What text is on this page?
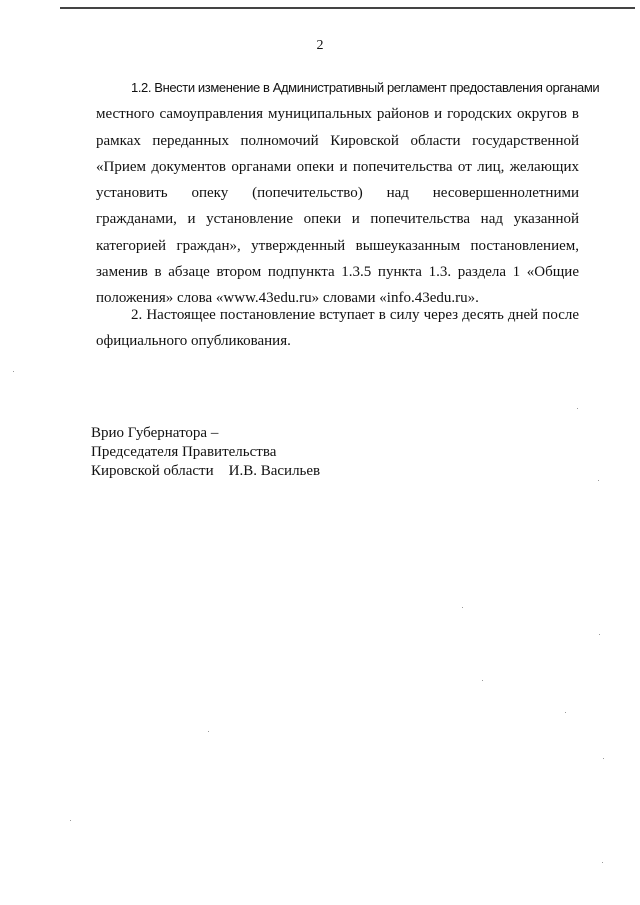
2
1.2. Внести изменение в Административный регламент предоставления органами
местного самоуправления муниципальных районов и городских округов в
рамках переданных полномочий Кировской области государственной
«Прием документов органами опеки и попечительства от лиц, желающих
установить опеку (попечительство) над несовершеннолетними
гражданами, и установление опеки и попечительства над указанной
категорией граждан», утвержденный вышеуказанным постановлением,
заменив в абзаце втором подпункта 1.3.5 пункта 1.3. раздела 1 «Общие
положения» слова «www.43edu.ru» словами «info.43edu.ru».
2. Настоящее постановление вступает в силу через десять дней после
официального опубликования.
Врио Губернатора –
Председателя Правительства
Кировской области    И.В. Васильев
